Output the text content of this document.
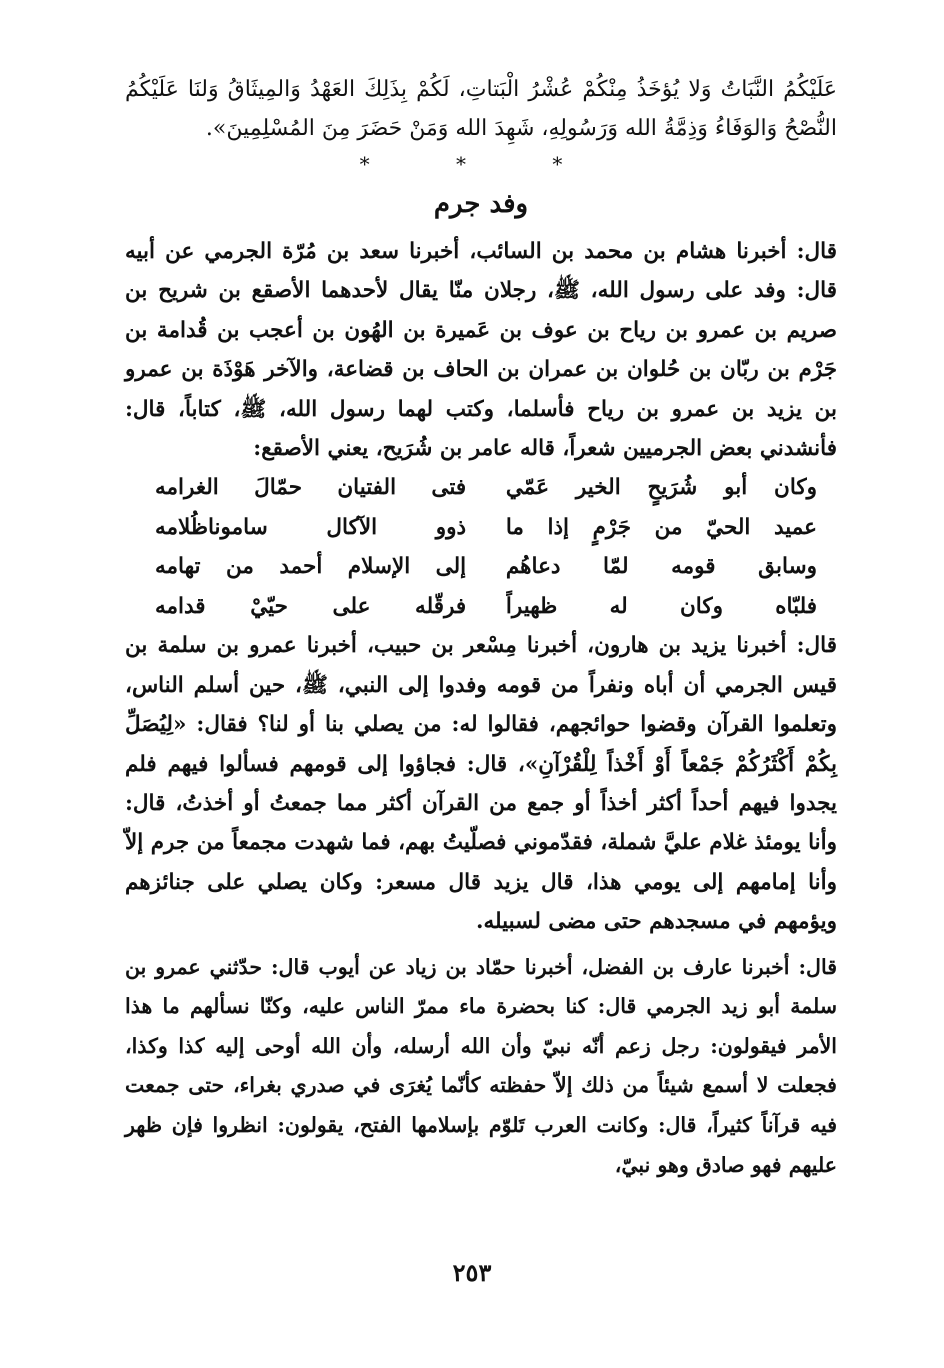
عَلَيْكُمُ النَّبَاتُ وَلا يُؤخَذُ مِنْكُمْ عُشْرُ الْبَتاتِ، لَكُمْ بِذَلِكَ العَهْدُ وَالمِيثَاقُ وَلنَا عَلَيْكُمُ النُّصْحُ وَالوَفَاءُ وَذِمَّةُ الله وَرَسُولِهِ، شَهِدَ الله وَمَنْ حَضَرَ مِنَ المُسْلِمِينَ».

* * *
وفد جرم

قال: أخبرنا هشام بن محمد بن السائب، أخبرنا سعد بن مُرّة الجرمي عن أبيه قال: وفد على رسول الله، ﷺ، رجلان منّا يقال لأحدهما الأصقع بن شريح بن صريم بن عمرو بن رياح بن عوف بن عَميرة بن الهُون بن أعجب بن قُدامة بن جَرْم بن ربّان بن حُلوان بن عمران بن الحاف بن قضاعة، والآخر هَوْذَة بن عمرو بن يزيد بن عمرو بن رياح فأسلما، وكتب لهما رسول الله، ﷺ، كتاباً، قال: فأنشدني بعض الجرميين شعراً، قاله عامر بن شُرَيح، يعني الأصقع:

وكان أبو شُرَيحٍ الخير عَمّي
فتى الفتيان حمّالَ الغرامه
عميد الحيّ من جَرْمٍ إذا ما
ذوو الآكال ساموناظُلامه
وسابق قومه لمّا دعاهُم
إلى الإسلام أحمد من تهامه
فلبّاه وكان له ظهيراً
فرقّله على حيّيْ قدامه

قال: أخبرنا يزيد بن هارون، أخبرنا مِسْعر بن حبيب، أخبرنا عمرو بن سلمة بن قيس الجرمي أن أباه ونفراً من قومه وفدوا إلى النبي، ﷺ، حين أسلم الناس، وتعلموا القرآن وقضوا حوائجهم، فقالوا له: من يصلي بنا أو لنا؟ فقال: «لِيُصَلِّ بِكُمْ أَكْثَرُكُمْ جَمْعاً أَوْ أَخْذاً لِلْقُرْآنِ»، قال: فجاؤوا إلى قومهم فسألوا فيهم فلم يجدوا فيهم أحداً أكثر أخذاً أو جمع من القرآن أكثر مما جمعتُ أو أخذتُ، قال: وأنا يومئذ غلام عليَّ شملة، فقدّموني فصلّيتُ بهم، فما شهدت مجمعاً من جرم إلاّ وأنا إمامهم إلى يومي هذا، قال يزيد قال مسعر: وكان يصلي على جنائزهم ويؤمهم في مسجدهم حتى مضى لسبيله.

قال: أخبرنا عارف بن الفضل، أخبرنا حمّاد بن زياد عن أيوب قال: حدّثني عمرو بن سلمة أبو زيد الجرمي قال: كنا بحضرة ماء ممرّ الناس عليه، وكنّا نسألهم ما هذا الأمر فيقولون: رجل زعم أنّه نبيّ وأن الله أرسله، وأن الله أوحى إليه كذا وكذا، فجعلت لا أسمع شيئاً من ذلك إلاّ حفظته كأنّما يُغرَى في صدري بغراء، حتى جمعت فيه قرآناً كثيراً، قال: وكانت العرب تَلوّم بإسلامها الفتح، يقولون: انظروا فإن ظهر عليهم فهو صادق وهو نبيّ،

٢٥٣
